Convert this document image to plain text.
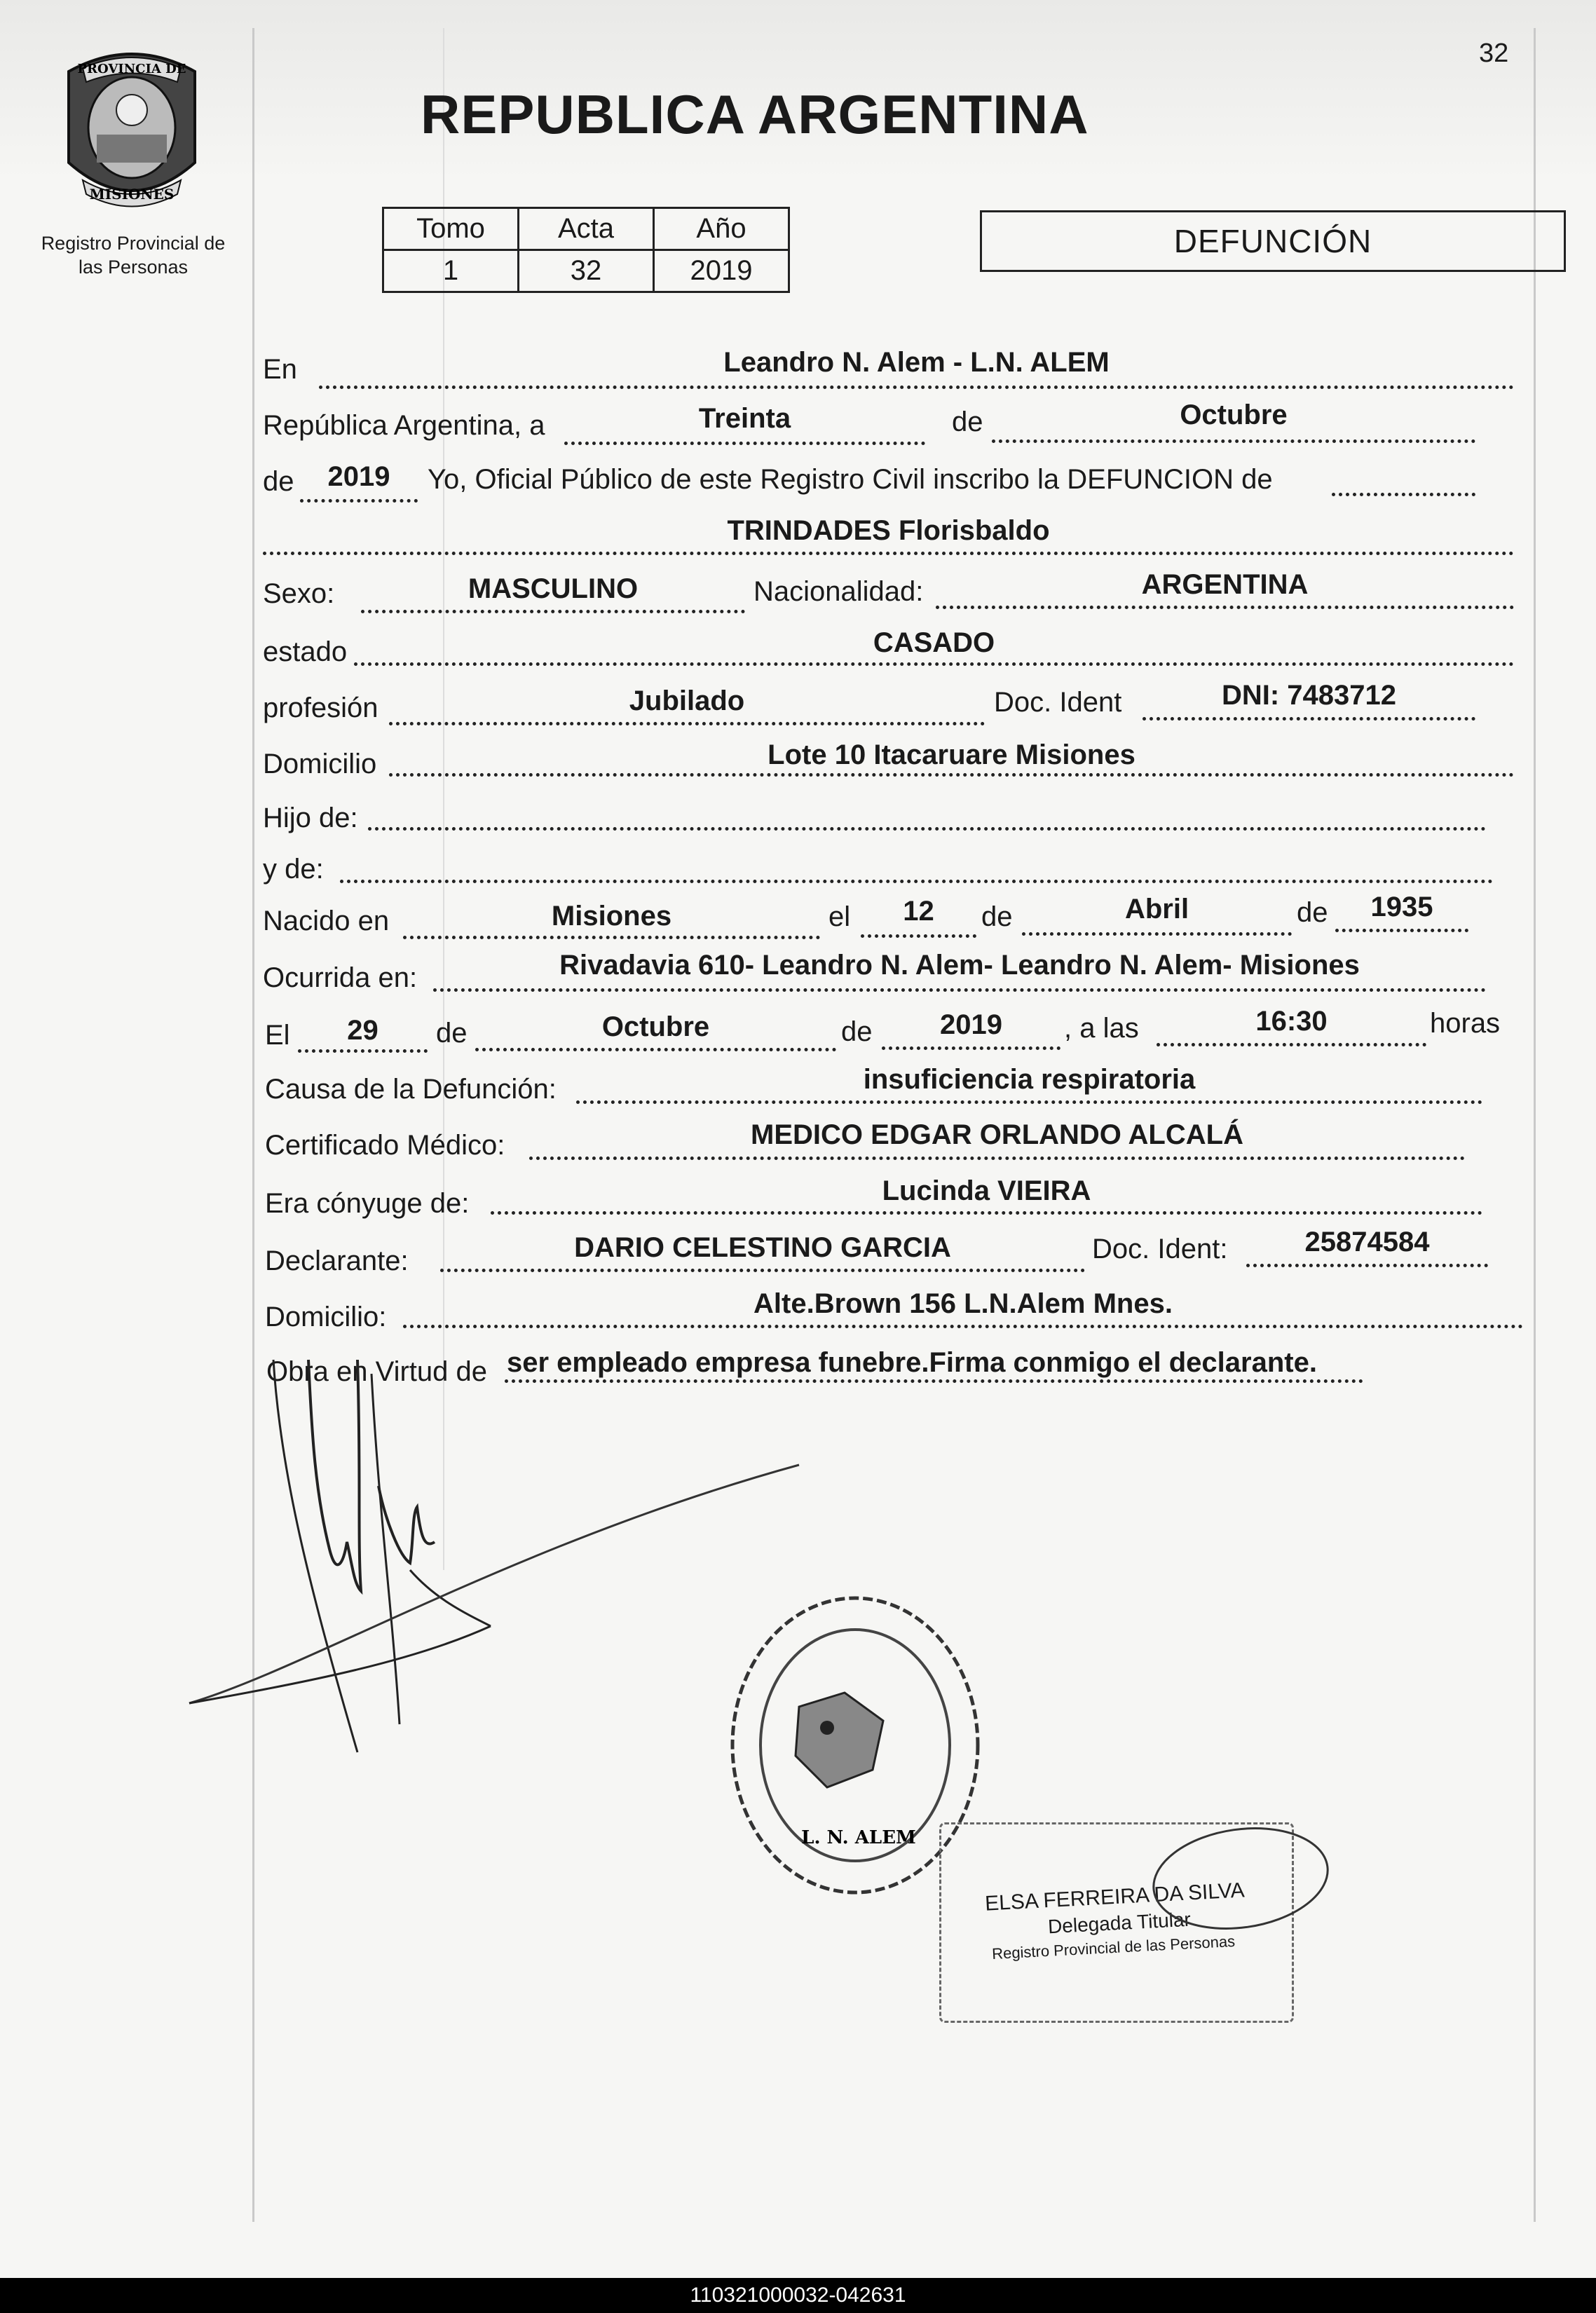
32
PROVINCIA DE
MISIONES
Registro Provincial de
las Personas
REPUBLICA ARGENTINA
Tomo	Acta	Año
1	32	2019
DEFUNCIÓN
En	Leandro N. Alem - L.N. ALEM
República Argentina, a	Treinta	de	Octubre
de	2019	Yo, Oficial Público de este Registro Civil inscribo la DEFUNCION de
TRINDADES Florisbaldo
Sexo:	MASCULINO	Nacionalidad:	ARGENTINA
estado	CASADO
profesión	Jubilado	Doc. Ident	DNI: 7483712
Domicilio	Lote 10 Itacaruare Misiones
Hijo de:
y de:
Nacido en	Misiones	el	12	de	Abril	de	1935
Ocurrida en:	Rivadavia 610- Leandro N. Alem- Leandro N. Alem- Misiones
El	29	de	Octubre	de	2019	, a las	16:30	horas
Causa de la Defunción:	insuficiencia respiratoria
Certificado Médico:	MEDICO EDGAR ORLANDO ALCALÁ
Era cónyuge de:	Lucinda VIEIRA
Declarante:	DARIO CELESTINO GARCIA	Doc. Ident:	25874584
Domicilio:	Alte.Brown 156 L.N.Alem Mnes.
Obra en Virtud de ser empleado empresa funebre.Firma conmigo el declarante.
L. N. ALEM
ELSA FERREIRA DA SILVA
Delegada Titular
Registro Provincial de las Personas
110321000032-042631
